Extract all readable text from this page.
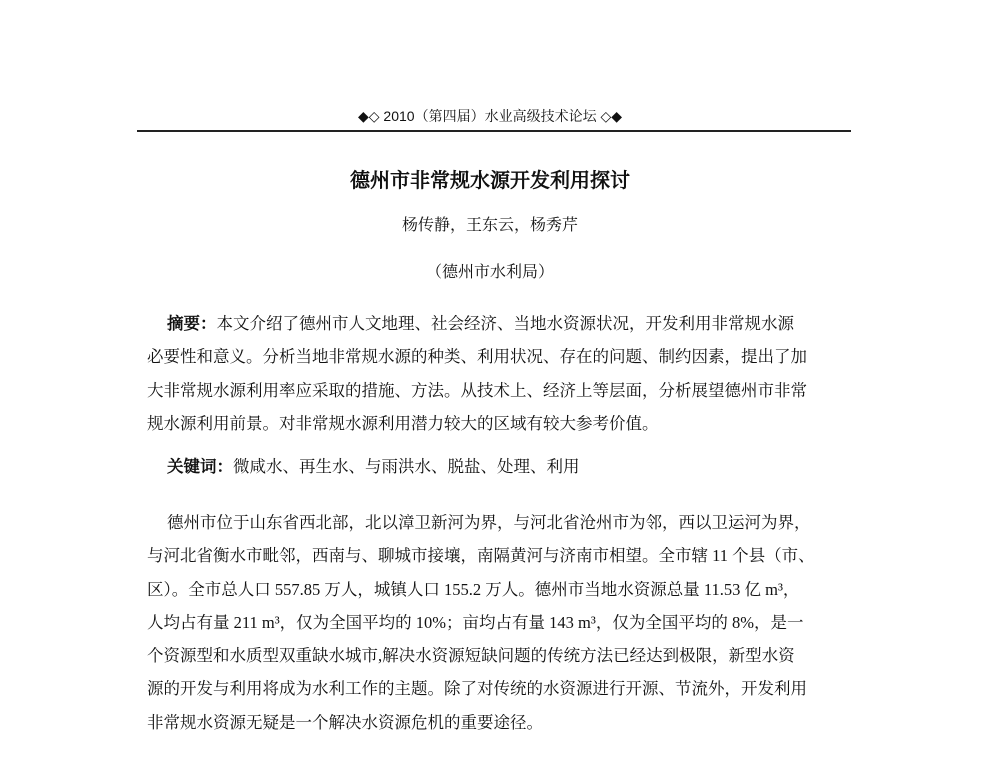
◆◇ 2010（第四届）水业高级技术论坛 ◇◆
德州市非常规水源开发利用探讨
杨传静，王东云，杨秀芹
（德州市水利局）
摘要：本文介绍了德州市人文地理、社会经济、当地水资源状况，开发利用非常规水源
必要性和意义。分析当地非常规水源的种类、利用状况、存在的问题、制约因素，提出了加
大非常规水源利用率应采取的措施、方法。从技术上、经济上等层面，分析展望德州市非常
规水源利用前景。对非常规水源利用潜力较大的区域有较大参考价值。
关键词：微咸水、再生水、与雨洪水、脱盐、处理、利用
德州市位于山东省西北部，北以漳卫新河为界，与河北省沧州市为邻，西以卫运河为界，
与河北省衡水市毗邻，西南与、聊城市接壤，南隔黄河与济南市相望。全市辖 11 个县（市、
区）。全市总人口 557.85 万人，城镇人口 155.2 万人。德州市当地水资源总量 11.53 亿 m³，
人均占有量 211 m³，仅为全国平均的 10%；亩均占有量 143 m³，仅为全国平均的 8%，是一
个资源型和水质型双重缺水城市,解决水资源短缺问题的传统方法已经达到极限，新型水资
源的开发与利用将成为水利工作的主题。除了对传统的水资源进行开源、节流外，开发利用
非常规水资源无疑是一个解决水资源危机的重要途径。
